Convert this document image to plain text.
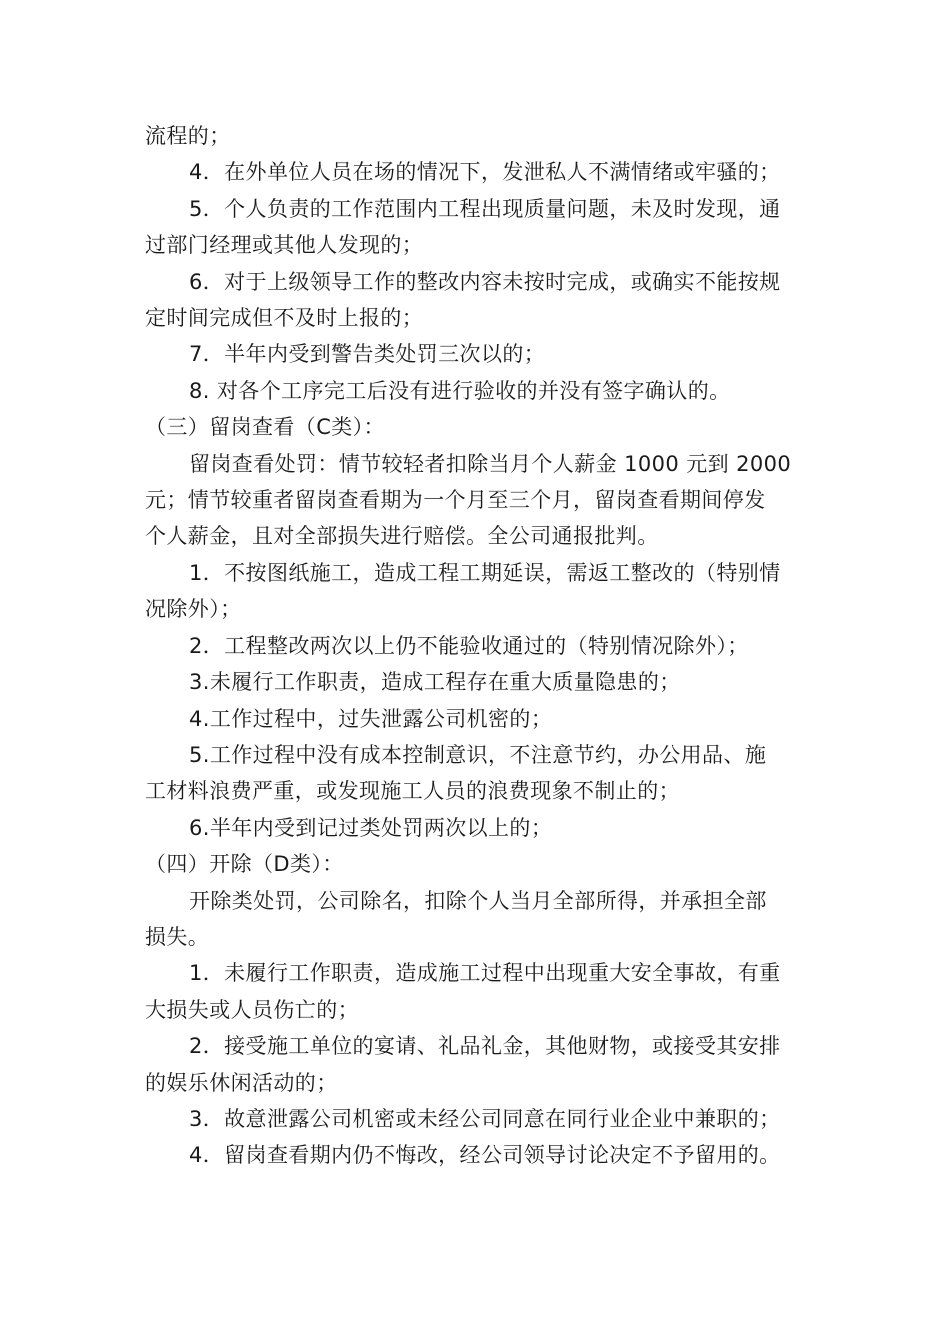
流程的；
4．在外单位人员在场的情况下，发泄私人不满情绪或牢骚的；
5．个人负责的工作范围内工程出现质量问题，未及时发现，通
过部门经理或其他人发现的；
6．对于上级领导工作的整改内容未按时完成，或确实不能按规
定时间完成但不及时上报的；
7．半年内受到警告类处罚三次以的；
8. 对各个工序完工后没有进行验收的并没有签字确认的。
（三）留岗查看（C类）：
留岗查看处罚：情节较轻者扣除当月个人薪金 1000 元到 2000
元；情节较重者留岗查看期为一个月至三个月，留岗查看期间停发
个人薪金，且对全部损失进行赔偿。全公司通报批判。
1．不按图纸施工，造成工程工期延误，需返工整改的（特别情
况除外）；
2．工程整改两次以上仍不能验收通过的（特别情况除外）；
3.未履行工作职责，造成工程存在重大质量隐患的；
4.工作过程中，过失泄露公司机密的；
5.工作过程中没有成本控制意识，不注意节约，办公用品、施
工材料浪费严重，或发现施工人员的浪费现象不制止的；
6.半年内受到记过类处罚两次以上的；
（四）开除（D类）：
开除类处罚，公司除名，扣除个人当月全部所得，并承担全部
损失。
1．未履行工作职责，造成施工过程中出现重大安全事故，有重
大损失或人员伤亡的；
2．接受施工单位的宴请、礼品礼金，其他财物，或接受其安排
的娱乐休闲活动的；
3．故意泄露公司机密或未经公司同意在同行业企业中兼职的；
4．留岗查看期内仍不悔改，经公司领导讨论决定不予留用的。
